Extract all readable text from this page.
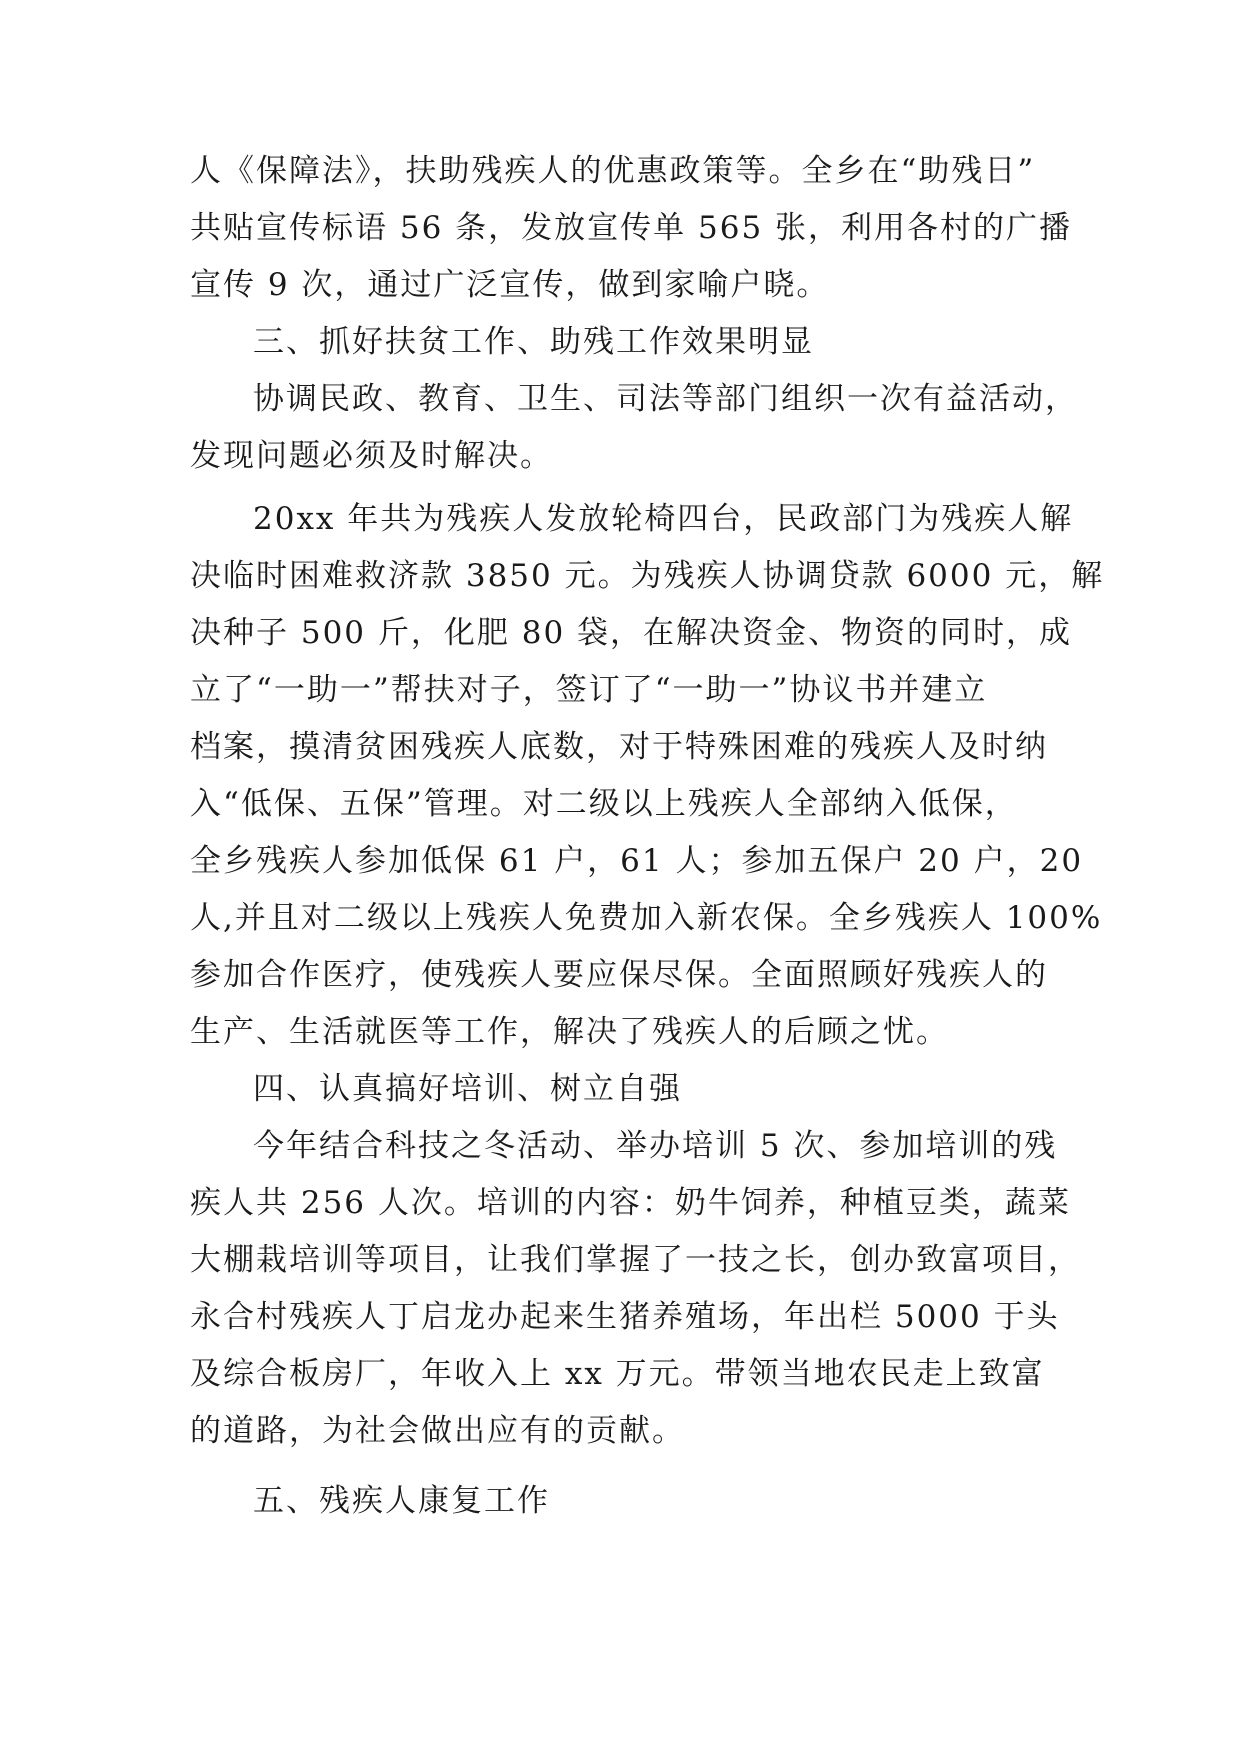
人《保障法》，扶助残疾人的优惠政策等。全乡在“助残日”
共贴宣传标语 56 条，发放宣传单 565 张，利用各村的广播
宣传 9 次，通过广泛宣传，做到家喻户晓。
三、抓好扶贫工作、助残工作效果明显
协调民政、教育、卫生、司法等部门组织一次有益活动，
发现问题必须及时解决。
20xx 年共为残疾人发放轮椅四台，民政部门为残疾人解
决临时困难救济款 3850 元。为残疾人协调贷款 6000 元，解
决种子 500 斤，化肥 80 袋，在解决资金、物资的同时，成
立了“一助一”帮扶对子，签订了“一助一”协议书并建立
档案，摸清贫困残疾人底数，对于特殊困难的残疾人及时纳
入“低保、五保”管理。对二级以上残疾人全部纳入低保，
全乡残疾人参加低保 61 户，61 人；参加五保户 20 户，20
人,并且对二级以上残疾人免费加入新农保。全乡残疾人 100%
参加合作医疗，使残疾人要应保尽保。全面照顾好残疾人的
生产、生活就医等工作，解决了残疾人的后顾之忧。
四、认真搞好培训、树立自强
今年结合科技之冬活动、举办培训 5 次、参加培训的残
疾人共 256 人次。培训的内容：奶牛饲养，种植豆类，蔬菜
大棚栽培训等项目，让我们掌握了一技之长，创办致富项目，
永合村残疾人丁启龙办起来生猪养殖场，年出栏 5000 于头
及综合板房厂，年收入上 xx 万元。带领当地农民走上致富
的道路，为社会做出应有的贡献。
五、残疾人康复工作
